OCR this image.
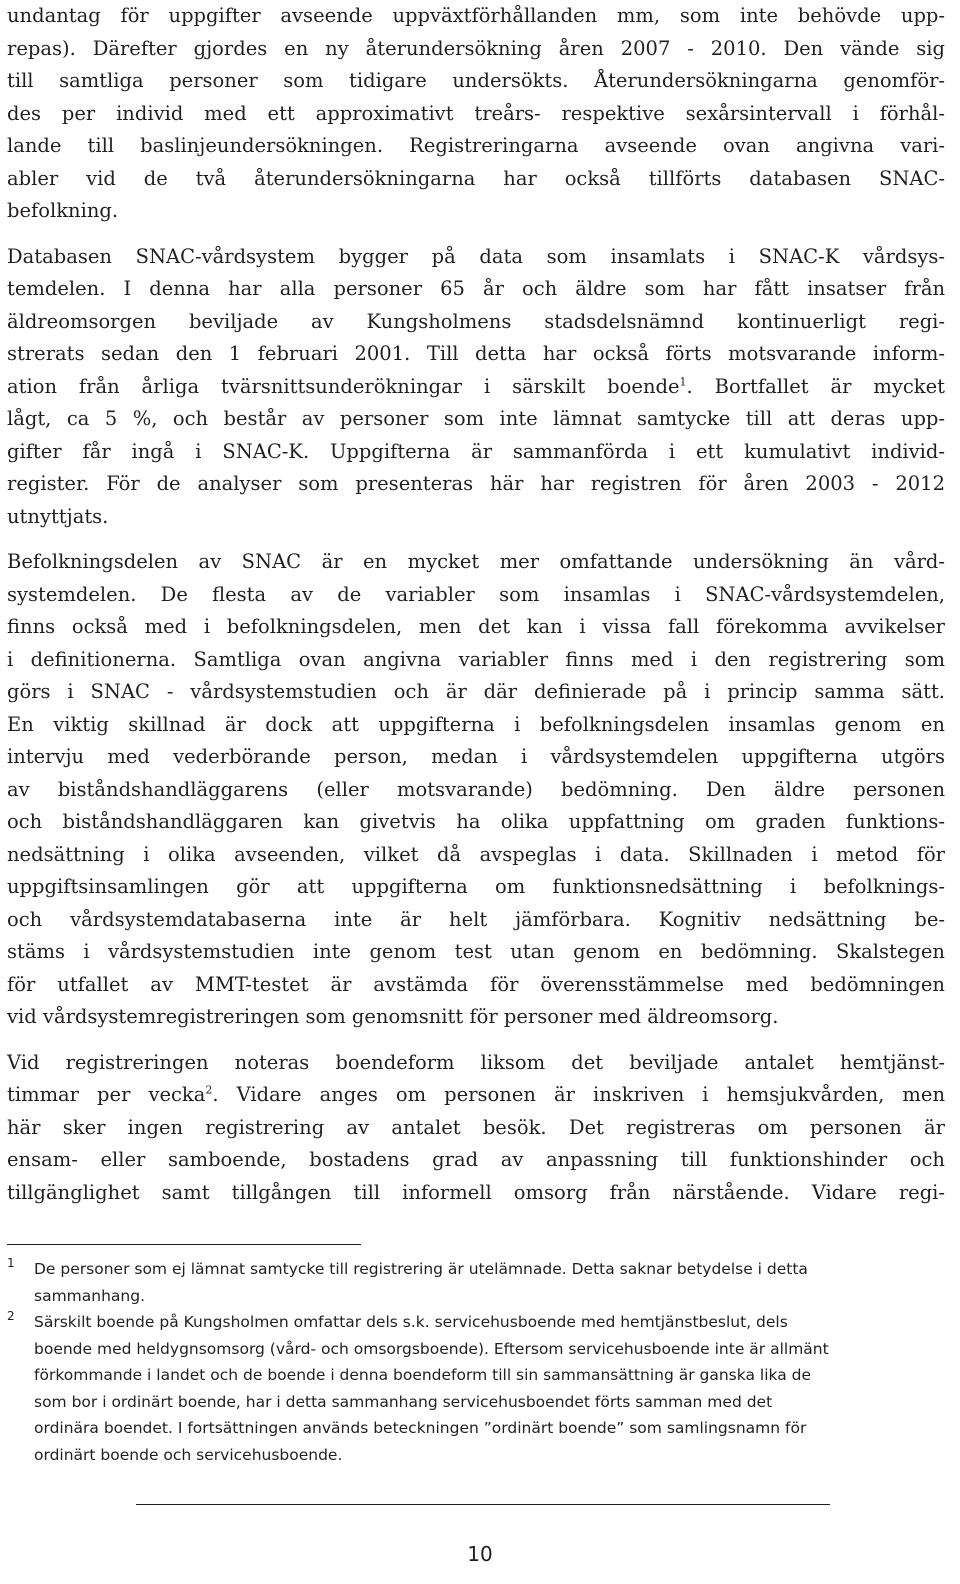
undantag för uppgifter avseende uppväxtförhållanden mm, som inte behövde upp-
repas). Därefter gjordes en ny återundersökning åren 2007 - 2010. Den vände sig
till samtliga personer som tidigare undersökts. Återundersökningarna genomför-
des per individ med ett approximativt treårs- respektive sexårsintervall i förhål-
lande till baslinjeundersökningen. Registreringarna avseende ovan angivna vari-
abler vid de två återundersökningarna har också tillförts databasen SNAC-
befolkning.
Databasen SNAC-vårdsystem bygger på data som insamlats i SNAC-K vårdsys-
temdelen. I denna har alla personer 65 år och äldre som har fått insatser från
äldreomsorgen beviljade av Kungsholmens stadsdelsnämnd kontinuerligt regi-
strerats sedan den 1 februari 2001. Till detta har också förts motsvarande inform-
ation från årliga tvärsnittsunderökningar i särskilt boende$^1$. Bortfallet är mycket
lågt, ca 5 %, och består av personer som inte lämnat samtycke till att deras upp-
gifter får ingå i SNAC-K. Uppgifterna är sammanförda i ett kumulativt individ-
register. För de analyser som presenteras här har registren för åren 2003 - 2012
utnyttjats.
Befolkningsdelen av SNAC är en mycket mer omfattande undersökning än vård-
systemdelen. De flesta av de variabler som insamlas i SNAC-vårdsystemdelen,
finns också med i befolkningsdelen, men det kan i vissa fall förekomma avvikelser
i definitionerna. Samtliga ovan angivna variabler finns med i den registrering som
görs i SNAC - vårdsystemstudien och är där definierade på i princip samma sätt.
En viktig skillnad är dock att uppgifterna i befolkningsdelen insamlas genom en
intervju med vederbörande person, medan i vårdsystemdelen uppgifterna utgörs
av biståndshandläggarens (eller motsvarande) bedömning. Den äldre personen
och biståndshandläggaren kan givetvis ha olika uppfattning om graden funktions-
nedsättning i olika avseenden, vilket då avspeglas i data. Skillnaden i metod för
uppgiftsinsamlingen gör att uppgifterna om funktionsnedsättning i befolknings-
och vårdsystemdatabaserna inte är helt jämförbara. Kognitiv nedsättning be-
stäms i vårdsystemstudien inte genom test utan genom en bedömning. Skalstegen
för utfallet av MMT-testet är avstämda för överensstämmelse med bedömningen
vid vårdsystemregistreringen som genomsnitt för personer med äldreomsorg.
Vid registreringen noteras boendeform liksom det beviljade antalet hemtjänst-
timmar per vecka$^2$. Vidare anges om personen är inskriven i hemsjukvården, men
här sker ingen registrering av antalet besök. Det registreras om personen är
ensam- eller samboende, bostadens grad av anpassning till funktionshinder och
tillgänglighet samt tillgången till informell omsorg från närstående. Vidare regi-
1 De personer som ej lämnat samtycke till registrering är utelämnade. Detta saknar betydelse i detta
sammanhang.
2 Särskilt boende på Kungsholmen omfattar dels s.k. servicehusboende med hemtjänstbeslut, dels
boende med heldygnsomsorg (vård- och omsorgsboende). Eftersom servicehusboende inte är allmänt
förkommande i landet och de boende i denna boendeform till sin sammansättning är ganska lika de
som bor i ordinärt boende, har i detta sammanhang servicehusboendet förts samman med det
ordinära boendet. I fortsättningen används beteckningen ”ordinärt boende” som samlingsnamn för
ordinärt boende och servicehusboende.
10
